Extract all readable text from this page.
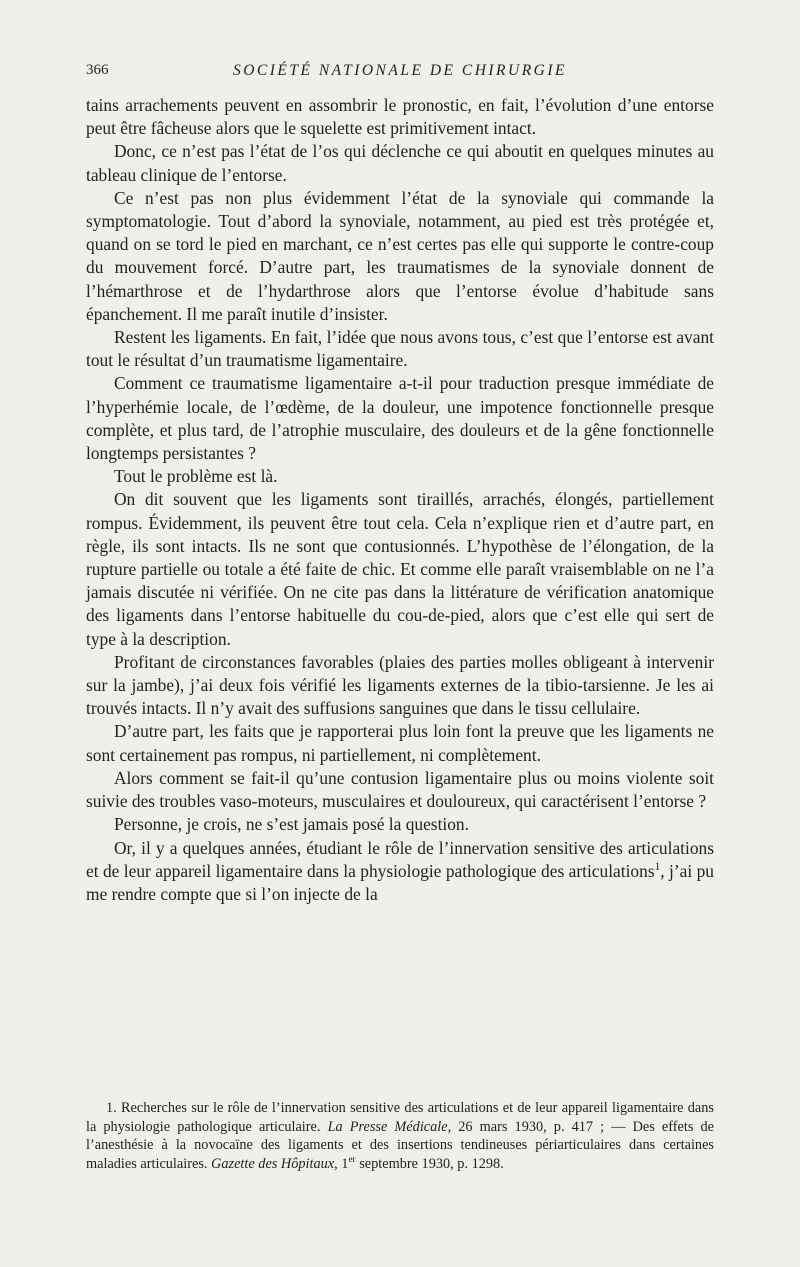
366	SOCIÉTÉ NATIONALE DE CHIRURGIE

tains arrachements peuvent en assombrir le pronostic, en fait, l’évolution d’une entorse peut être fâcheuse alors que le squelette est primitivement intact.

Donc, ce n’est pas l’état de l’os qui déclenche ce qui aboutit en quelques minutes au tableau clinique de l’entorse.

Ce n’est pas non plus évidemment l’état de la synoviale qui commande la symptomatologie. Tout d’abord la synoviale, notamment, au pied est très protégée et, quand on se tord le pied en marchant, ce n’est certes pas elle qui supporte le contre-coup du mouvement forcé. D’autre part, les traumatismes de la synoviale donnent de l’hémarthrose et de l’hydarthrose alors que l’entorse évolue d’habitude sans épanchement. Il me paraît inutile d’insister.

Restent les ligaments. En fait, l’idée que nous avons tous, c’est que l’entorse est avant tout le résultat d’un traumatisme ligamentaire.

Comment ce traumatisme ligamentaire a-t-il pour traduction presque immédiate de l’hyperhémie locale, de l’œdème, de la douleur, une impotence fonctionnelle presque complète, et plus tard, de l’atrophie musculaire, des douleurs et de la gêne fonctionnelle longtemps persistantes ?

Tout le problème est là.

On dit souvent que les ligaments sont tiraillés, arrachés, élongés, partiellement rompus. Évidemment, ils peuvent être tout cela. Cela n’explique rien et d’autre part, en règle, ils sont intacts. Ils ne sont que contusionnés. L’hypothèse de l’élongation, de la rupture partielle ou totale a été faite de chic. Et comme elle paraît vraisemblable on ne l’a jamais discutée ni vérifiée. On ne cite pas dans la littérature de vérification anatomique des ligaments dans l’entorse habituelle du cou-de-pied, alors que c’est elle qui sert de type à la description.

Profitant de circonstances favorables (plaies des parties molles obligeant à intervenir sur la jambe), j’ai deux fois vérifié les ligaments externes de la tibio-tarsienne. Je les ai trouvés intacts. Il n’y avait des suffusions sanguines que dans le tissu cellulaire.

D’autre part, les faits que je rapporterai plus loin font la preuve que les ligaments ne sont certainement pas rompus, ni partiellement, ni complètement.

Alors comment se fait-il qu’une contusion ligamentaire plus ou moins violente soit suivie des troubles vaso-moteurs, musculaires et douloureux, qui caractérisent l’entorse ?

Personne, je crois, ne s’est jamais posé la question.

Or, il y a quelques années, étudiant le rôle de l’innervation sensitive des articulations et de leur appareil ligamentaire dans la physiologie pathologique des articulations$^1$, j’ai pu me rendre compte que si l’on injecte de la

1. Recherches sur le rôle de l’innervation sensitive des articulations et de leur appareil ligamentaire dans la physiologie pathologique articulaire. La Presse Médicale, 26 mars 1930, p. 417 ; — Des effets de l’anesthésie à la novocaïne des ligaments et des insertions tendineuses périarticulaires dans certaines maladies articulaires. Gazette des Hôpitaux, 1er septembre 1930, p. 1298.
